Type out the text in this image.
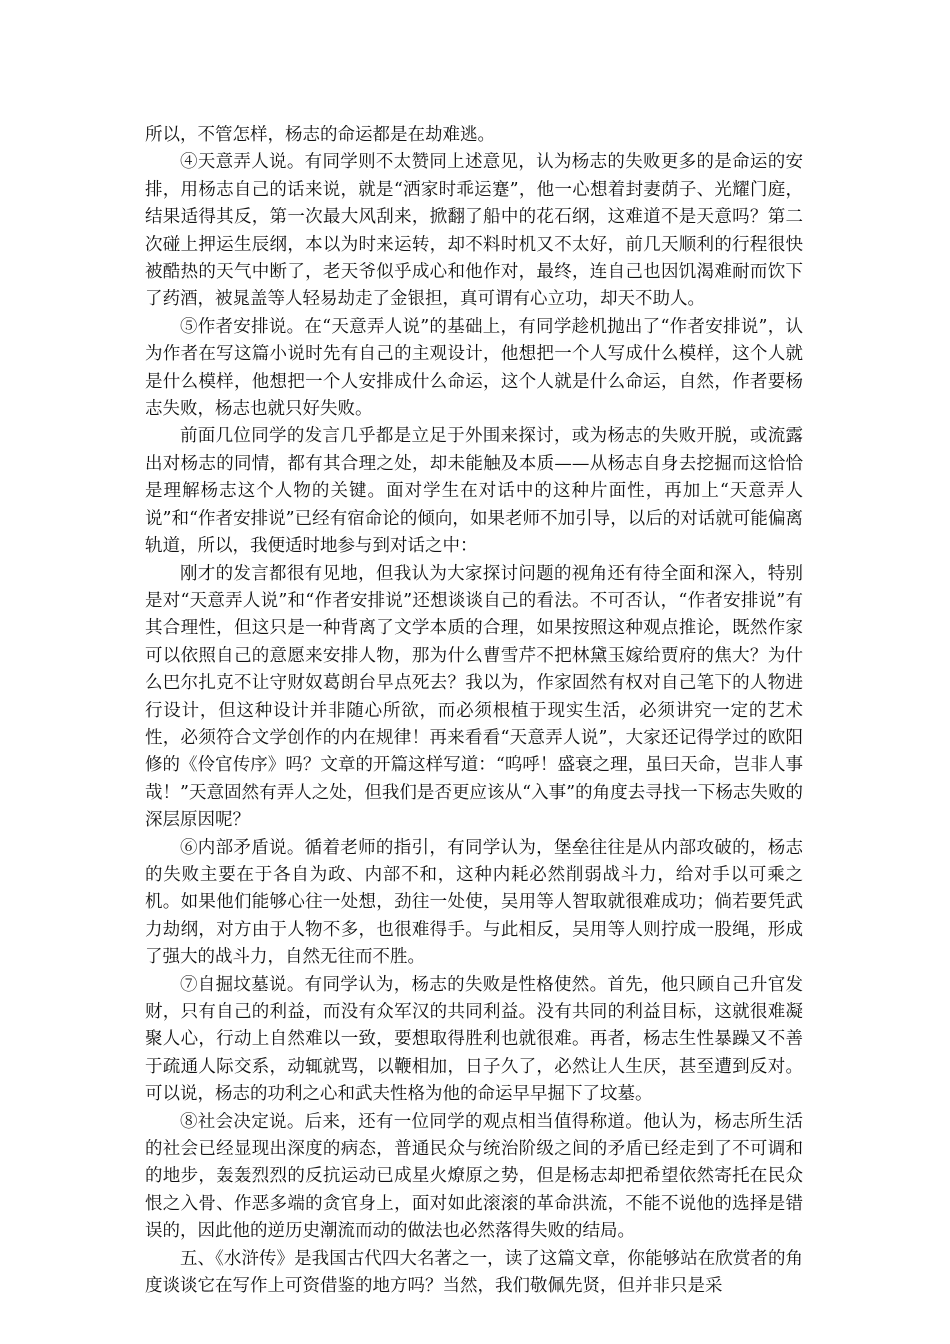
所以，不管怎样，杨志的命运都是在劫难逃。

④天意弄人说。有同学则不太赞同上述意见，认为杨志的失败更多的是命运的安排，用杨志自己的话来说，就是“洒家时乖运蹇”，他一心想着封妻荫子、光耀门庭，结果适得其反，第一次最大风刮来，掀翻了船中的花石纲，这难道不是天意吗？第二次碰上押运生辰纲，本以为时来运转，却不料时机又不太好，前几天顺利的行程很快被酷热的天气中断了，老天爷似乎成心和他作对，最终，连自己也因饥渴难耐而饮下了药酒，被晁盖等人轻易劫走了金银担，真可谓有心立功，却天不助人。

⑤作者安排说。在“天意弄人说”的基础上，有同学趁机抛出了“作者安排说”，认为作者在写这篇小说时先有自己的主观设计，他想把一个人写成什么模样，这个人就是什么模样，他想把一个人安排成什么命运，这个人就是什么命运，自然，作者要杨志失败，杨志也就只好失败。

前面几位同学的发言几乎都是立足于外围来探讨，或为杨志的失败开脱，或流露出对杨志的同情，都有其合理之处，却未能触及本质——从杨志自身去挖掘而这恰恰是理解杨志这个人物的关键。面对学生在对话中的这种片面性，再加上“天意弄人说”和“作者安排说”已经有宿命论的倾向，如果老师不加引导，以后的对话就可能偏离轨道，所以，我便适时地参与到对话之中：

刚才的发言都很有见地，但我认为大家探讨问题的视角还有待全面和深入，特别是对“天意弄人说”和“作者安排说”还想谈谈自己的看法。不可否认，“作者安排说”有其合理性，但这只是一种背离了文学本质的合理，如果按照这种观点推论，既然作家可以依照自己的意愿来安排人物，那为什么曹雪芹不把林黛玉嫁给贾府的焦大？为什么巴尔扎克不让守财奴葛朗台早点死去？我以为，作家固然有权对自己笔下的人物进行设计，但这种设计并非随心所欲，而必须根植于现实生活，必须讲究一定的艺术性，必须符合文学创作的内在规律！再来看看“天意弄人说”，大家还记得学过的欧阳修的《伶官传序》吗？文章的开篇这样写道：“呜呼！盛衰之理，虽曰天命，岂非人事哉！”天意固然有弄人之处，但我们是否更应该从“入事”的角度去寻找一下杨志失败的深层原因呢？

⑥内部矛盾说。循着老师的指引，有同学认为，堡垒往往是从内部攻破的，杨志的失败主要在于各自为政、内部不和，这种内耗必然削弱战斗力，给对手以可乘之机。如果他们能够心往一处想，劲往一处使，吴用等人智取就很难成功；倘若要凭武力劫纲，对方由于人物不多，也很难得手。与此相反，吴用等人则拧成一股绳，形成了强大的战斗力，自然无往而不胜。

⑦自掘坟墓说。有同学认为，杨志的失败是性格使然。首先，他只顾自己升官发财，只有自己的利益，而没有众军汉的共同利益。没有共同的利益目标，这就很难凝聚人心，行动上自然难以一致，要想取得胜利也就很难。再者，杨志生性暴躁又不善于疏通人际交系，动辄就骂，以鞭相加，日子久了，必然让人生厌，甚至遭到反对。可以说，杨志的功利之心和武夫性格为他的命运早早掘下了坟墓。

⑧社会决定说。后来，还有一位同学的观点相当值得称道。他认为，杨志所生活的社会已经显现出深度的病态，普通民众与统治阶级之间的矛盾已经走到了不可调和的地步，轰轰烈烈的反抗运动已成星火燎原之势，但是杨志却把希望依然寄托在民众恨之入骨、作恶多端的贪官身上，面对如此滚滚的革命洪流，不能不说他的选择是错误的，因此他的逆历史潮流而动的做法也必然落得失败的结局。

五、《水浒传》是我国古代四大名著之一，读了这篇文章，你能够站在欣赏者的角度谈谈它在写作上可资借鉴的地方吗？当然，我们敬佩先贤，但并非只是采
